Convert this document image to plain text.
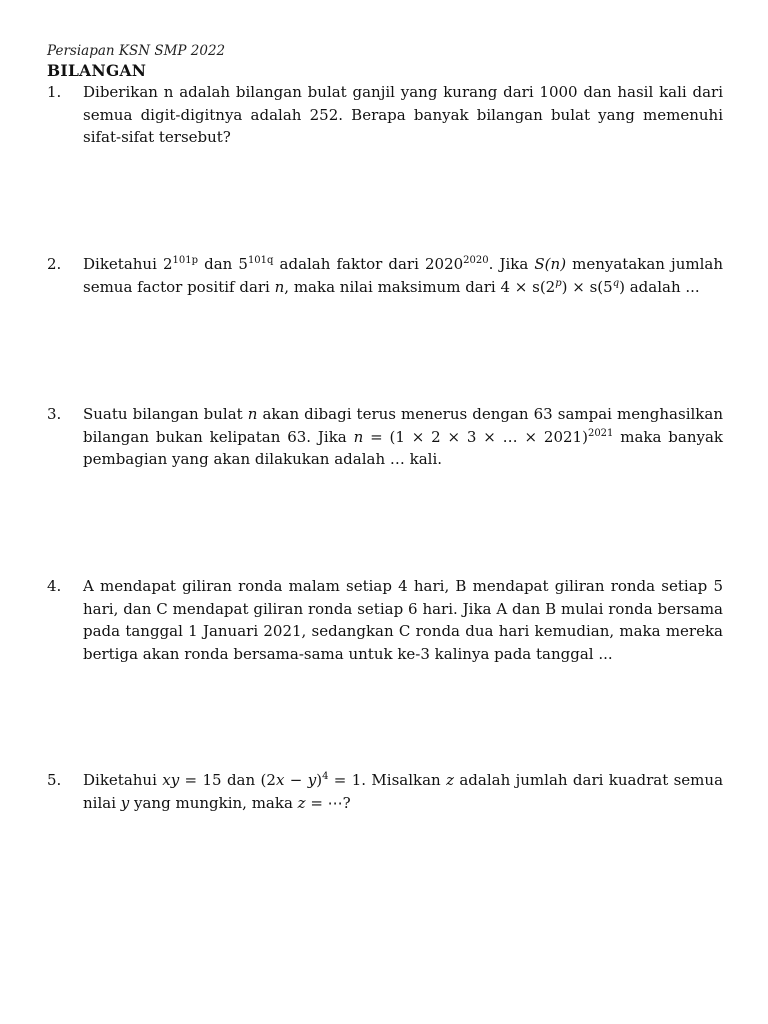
Persiapan KSN SMP 2022
BILANGAN
1. Diberikan n adalah bilangan bulat ganjil yang kurang dari 1000 dan hasil kali dari semua digit-digitnya adalah 252. Berapa banyak bilangan bulat yang memenuhi sifat-sifat tersebut?
2. Diketahui $2^{101p}$ dan $5^{101q}$ adalah faktor dari $2020^{2020}$. Jika S(n) menyatakan jumlah semua factor positif dari n, maka nilai maksimum dari $4 \times s(2^p) \times s(5^q)$ adalah ...
3. Suatu bilangan bulat n akan dibagi terus menerus dengan 63 sampai menghasilkan bilangan bukan kelipatan 63. Jika n = (1 × 2 × 3 × … × 2021)$^{2021}$ maka banyak pembagian yang akan dilakukan adalah … kali.
4. A mendapat giliran ronda malam setiap 4 hari, B mendapat giliran ronda setiap 5 hari, dan C mendapat giliran ronda setiap 6 hari. Jika A dan B mulai ronda bersama pada tanggal 1 Januari 2021, sedangkan C ronda dua hari kemudian, maka mereka bertiga akan ronda bersama-sama untuk ke-3 kalinya pada tanggal ...
5. Diketahui xy = 15 dan $(2x - y)^4 = 1$. Misalkan z adalah jumlah dari kuadrat semua nilai y yang mungkin, maka z = ⋯?
